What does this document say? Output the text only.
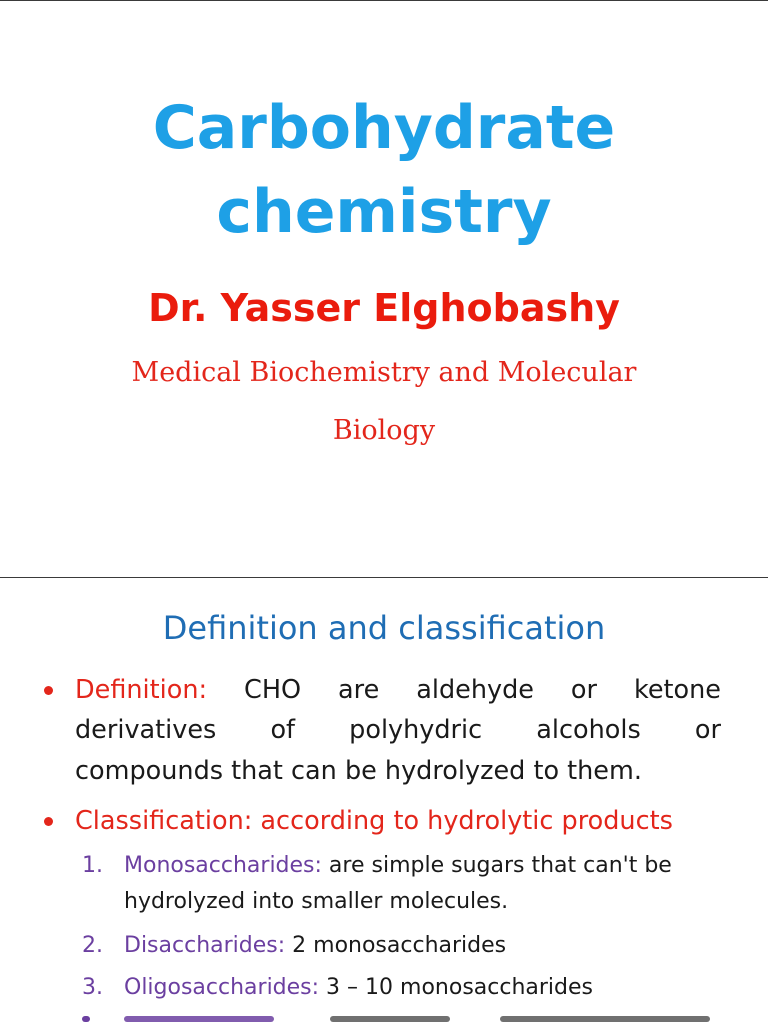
Carbohydrate
chemistry
Dr. Yasser Elghobashy
Medical Biochemistry and Molecular
Biology
Definition and classification
Definition: CHO are aldehyde or ketone
derivatives of polyhydric alcohols or
compounds that can be hydrolyzed to them.
Classification: according to hydrolytic products
1. Monosaccharides: are simple sugars that can't be
hydrolyzed into smaller molecules.
2. Disaccharides: 2 monosaccharides
3. Oligosaccharides: 3 – 10 monosaccharides
